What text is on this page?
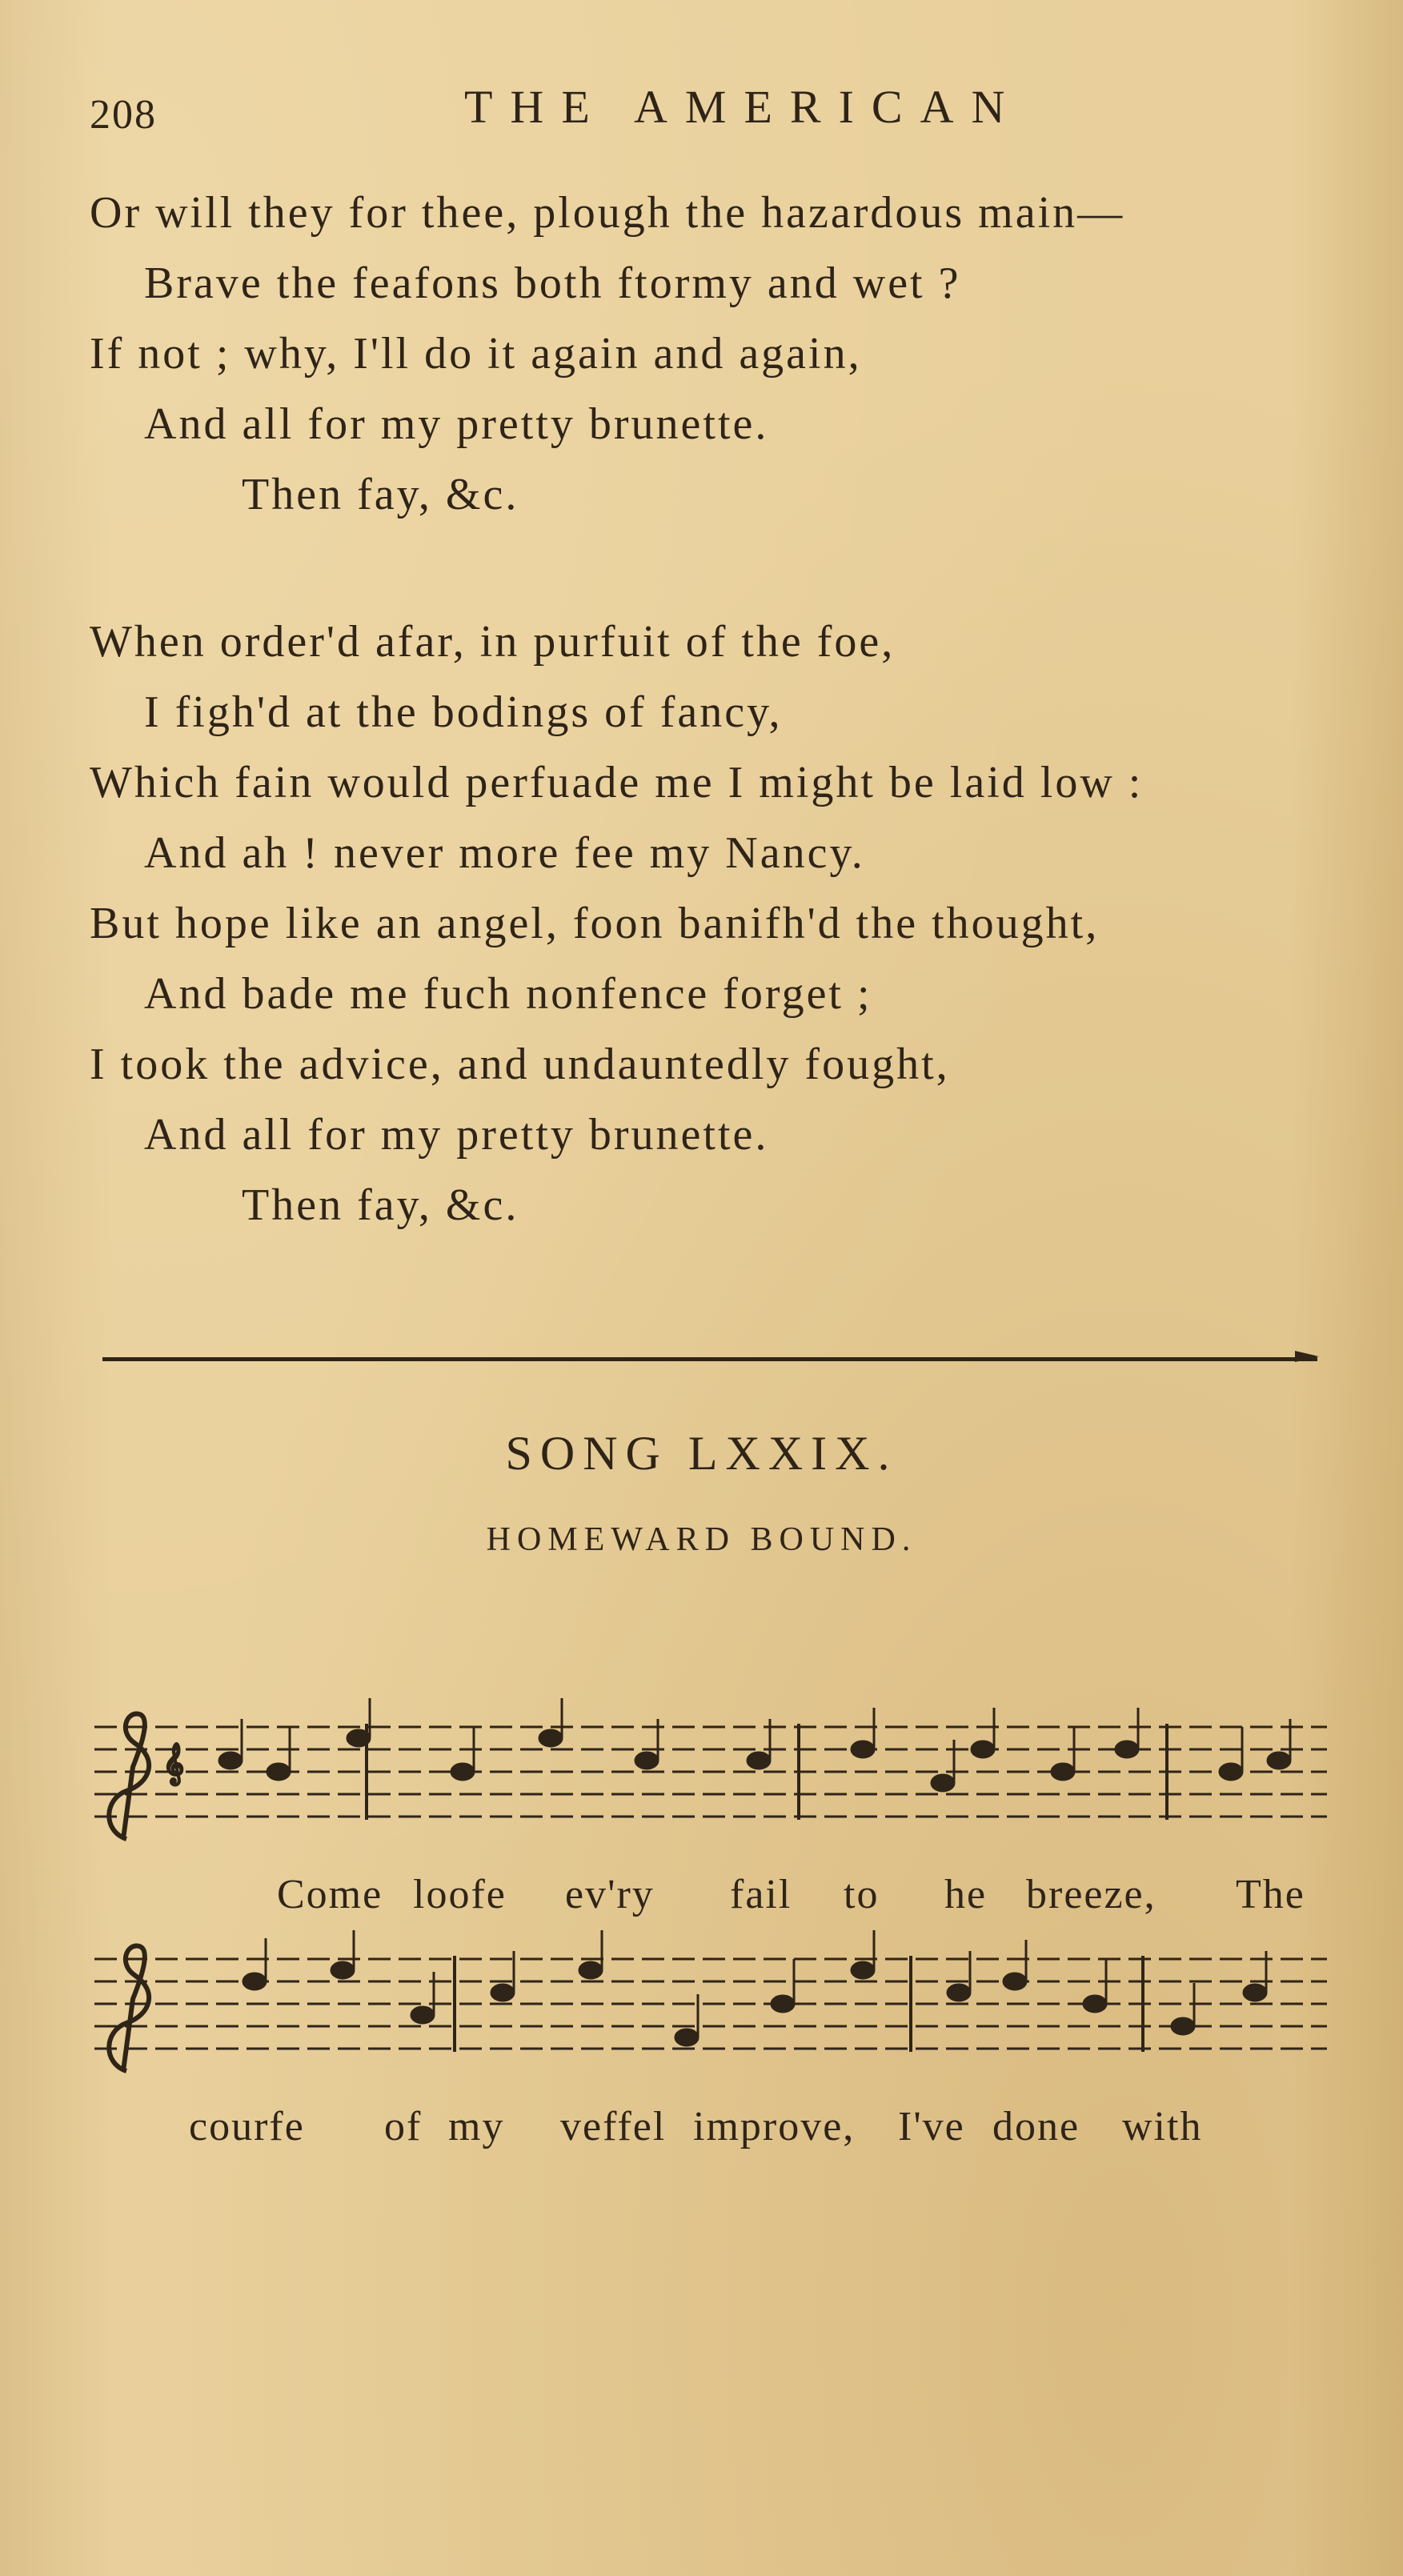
208	THE AMERICAN
Or will they for thee, plough the hazardous main—
Brave the feafons both ftormy and wet ?
If not ; why, I'll do it again and again,
And all for my pretty brunette.
Then fay, &c.
When order'd afar, in purfuit of the foe,
I figh'd at the bodings of fancy,
Which fain would perfuade me I might be laid low :
And ah ! never more fee my Nancy.
But hope like an angel, foon banifh'd the thought,
And bade me fuch nonfence forget ;
I took the advice, and undauntedly fought,
And all for my pretty brunette.
Then fay, &c.
SONG LXXIX.
HOMEWARD BOUND.
𝄞
Come loofe ev'ry fail to he breeze, The
courfe of my veffel improve, I've done with
